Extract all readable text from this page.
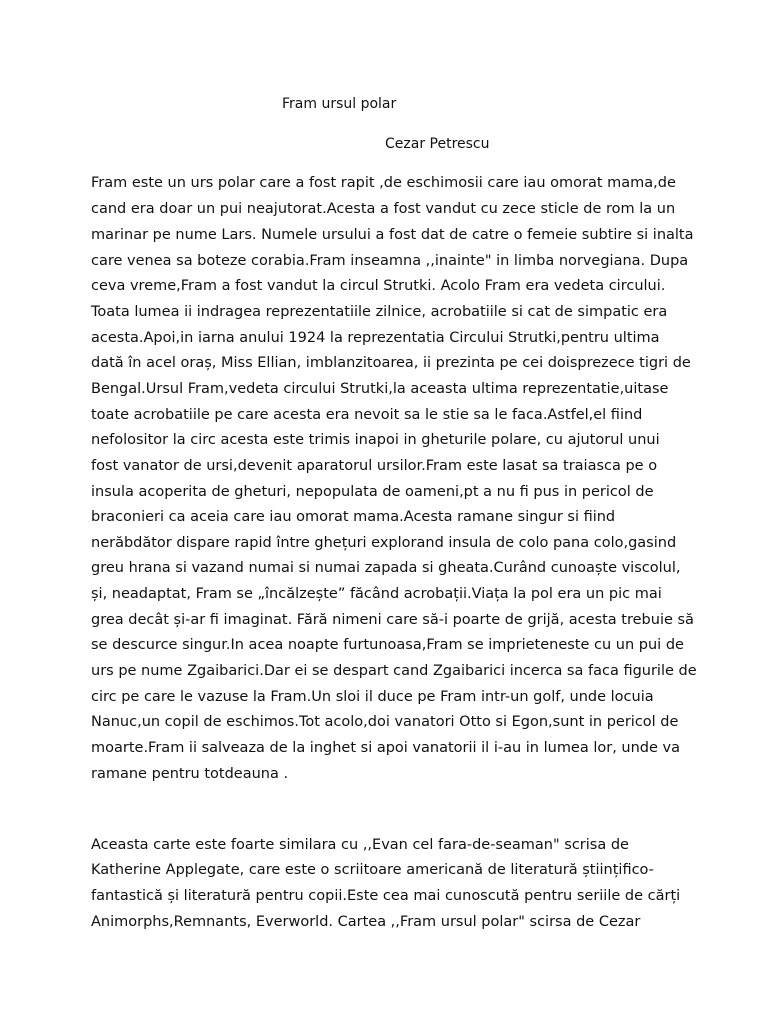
Fram ursul polar
Cezar Petrescu
Fram este un urs polar care a fost rapit ,de eschimosii care iau omorat mama,de
cand era doar un pui neajutorat.Acesta a fost vandut cu zece sticle de rom la un
marinar pe nume Lars. Numele ursului a fost dat de catre o femeie subtire si inalta
care venea sa boteze corabia.Fram inseamna ,,inainte" in limba norvegiana. Dupa
ceva vreme,Fram a fost vandut la circul Strutki. Acolo Fram era vedeta circului.
Toata lumea ii indragea reprezentatiile zilnice, acrobatiile si cat de simpatic era
acesta.Apoi,in iarna anului 1924 la reprezentatia Circului Strutki,pentru ultima
dată în acel oraș, Miss Ellian, imblanzitoarea, ii prezinta pe cei doisprezece tigri de
Bengal.Ursul Fram,vedeta circului Strutki,la aceasta ultima reprezentatie,uitase
toate acrobatiile pe care acesta era nevoit sa le stie sa le faca.Astfel,el fiind
nefolositor la circ acesta este trimis inapoi in gheturile polare, cu ajutorul unui
fost vanator de ursi,devenit aparatorul ursilor.Fram este lasat sa traiasca pe o
insula acoperita de gheturi, nepopulata de oameni,pt a nu fi pus in pericol de
braconieri ca aceia care iau omorat mama.Acesta ramane singur si fiind
nerăbdător dispare rapid între ghețuri explorand insula de colo pana colo,gasind
greu hrana si vazand numai si numai zapada si gheata.Curând cunoaște viscolul,
și, neadaptat, Fram se „încălzește” făcând acrobații.Viața la pol era un pic mai
grea decât și-ar fi imaginat. Fără nimeni care să-i poarte de grijă, acesta trebuie să
se descurce singur.In acea noapte furtunoasa,Fram se imprieteneste cu un pui de
urs pe nume Zgaibarici.Dar ei se despart cand Zgaibarici incerca sa faca figurile de
circ pe care le vazuse la Fram.Un sloi il duce pe Fram intr-un golf, unde locuia
Nanuc,un copil de eschimos.Tot acolo,doi vanatori Otto si Egon,sunt in pericol de
moarte.Fram ii salveaza de la inghet si apoi vanatorii il i-au in lumea lor, unde va
ramane pentru totdeauna .
Aceasta carte este foarte similara cu ,,Evan cel fara-de-seaman" scrisa de
Katherine Applegate, care este o scriitoare americană de literatură științifico-
fantastică și literatură pentru copii.Este cea mai cunoscută pentru seriile de cărți
Animorphs,Remnants, Everworld. Cartea ,,Fram ursul polar" scirsa de Cezar
